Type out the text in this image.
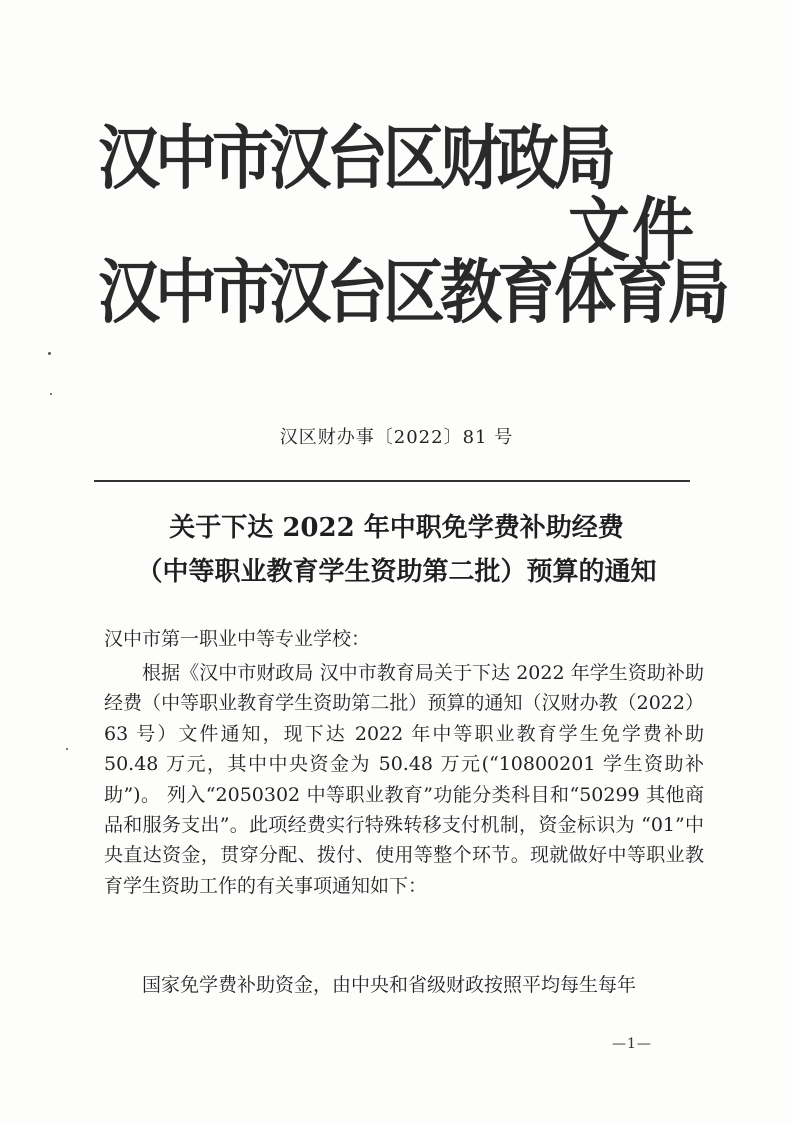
汉中市汉台区财政局
汉中市汉台区教育体育局
文件
汉区财办事〔2022〕81 号
关于下达 2022 年中职免学费补助经费
（中等职业教育学生资助第二批）预算的通知
汉中市第一职业中等专业学校：
根据《汉中市财政局 汉中市教育局关于下达 2022 年学生资助补助经费（中等职业教育学生资助第二批）预算的通知（汉财办教（2022）63 号）文件通知，现下达 2022 年中等职业教育学生免学费补助 50.48 万元，其中中央资金为 50.48 万元(“10800201 学生资助补助”)。 列入“2050302 中等职业教育”功能分类科目和“50299 其他商品和服务支出”。此项经费实行特殊转移支付机制，资金标识为 “01”中央直达资金，贯穿分配、拨付、使用等整个环节。现就做好中等职业教育学生资助工作的有关事项通知如下：
国家免学费补助资金，由中央和省级财政按照平均每生每年
—1—
